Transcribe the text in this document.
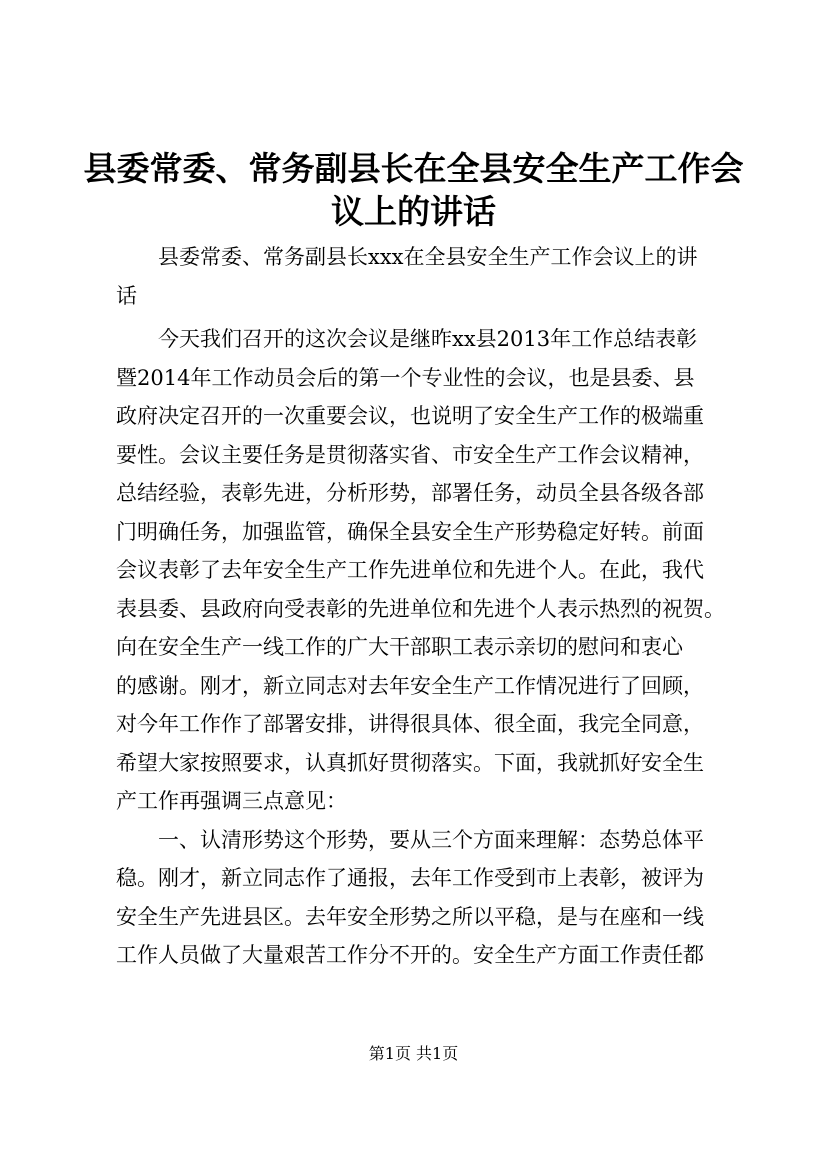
县委常委、常务副县长在全县安全生产工作会
议上的讲话
　　县委常委、常务副县长xxx在全县安全生产工作会议上的讲
话
　　今天我们召开的这次会议是继昨xx县2013年工作总结表彰
暨2014年工作动员会后的第一个专业性的会议，也是县委、县
政府决定召开的一次重要会议，也说明了安全生产工作的极端重
要性。会议主要任务是贯彻落实省、市安全生产工作会议精神，
总结经验，表彰先进，分析形势，部署任务，动员全县各级各部
门明确任务，加强监管，确保全县安全生产形势稳定好转。前面
会议表彰了去年安全生产工作先进单位和先进个人。在此，我代
表县委、县政府向受表彰的先进单位和先进个人表示热烈的祝贺。
向在安全生产一线工作的广大干部职工表示亲切的慰问和衷心
的感谢。刚才，新立同志对去年安全生产工作情况进行了回顾，
对今年工作作了部署安排，讲得很具体、很全面，我完全同意，
希望大家按照要求，认真抓好贯彻落实。下面，我就抓好安全生
产工作再强调三点意见：
　　一、认清形势这个形势，要从三个方面来理解：态势总体平
稳。刚才，新立同志作了通报，去年工作受到市上表彰，被评为
安全生产先进县区。去年安全形势之所以平稳，是与在座和一线
工作人员做了大量艰苦工作分不开的。安全生产方面工作责任都
第1页 共1页
